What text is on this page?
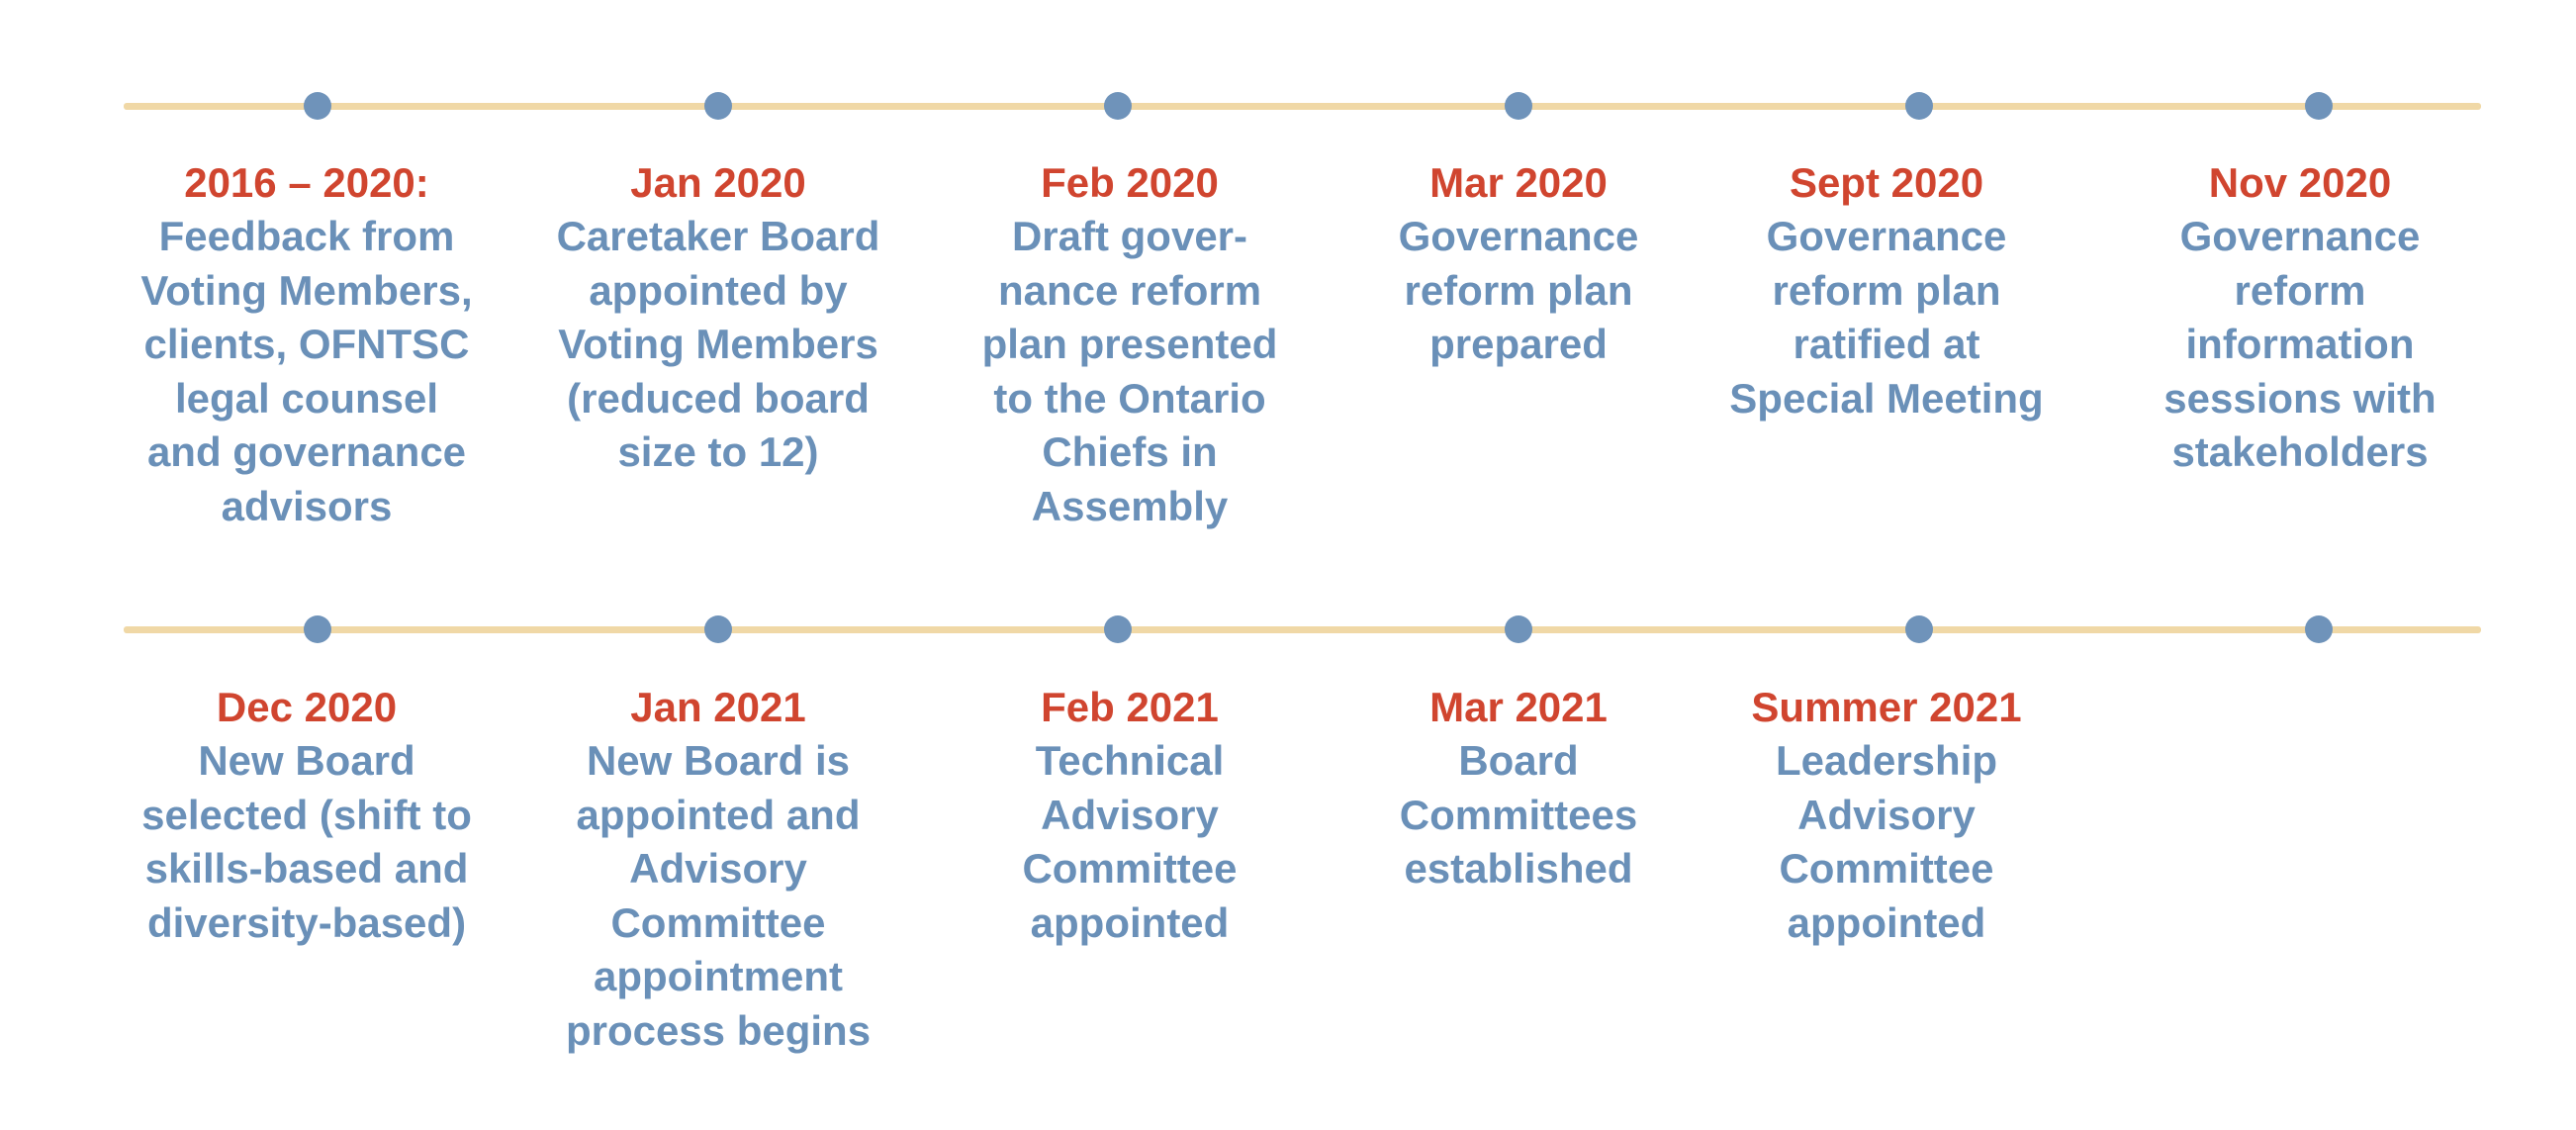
2016 – 2020:
Feedback from
Voting Members,
clients, OFNTSC
legal counsel
and governance
advisors
Jan 2020
Caretaker Board
appointed by
Voting Members
(reduced board
size to 12)
Feb 2020
Draft gover-
nance reform
plan presented
to the Ontario
Chiefs in
Assembly
Mar 2020
Governance
reform plan
prepared
Sept 2020
Governance
reform plan
ratified at
Special Meeting
Nov 2020
Governance
reform
information
sessions with
stakeholders
Dec 2020
New Board
selected (shift to
skills-based and
diversity-based)
Jan 2021
New Board is
appointed and
Advisory
Committee
appointment
process begins
Feb 2021
Technical
Advisory
Committee
appointed
Mar 2021
Board
Committees
established
Summer 2021
Leadership
Advisory
Committee
appointed
